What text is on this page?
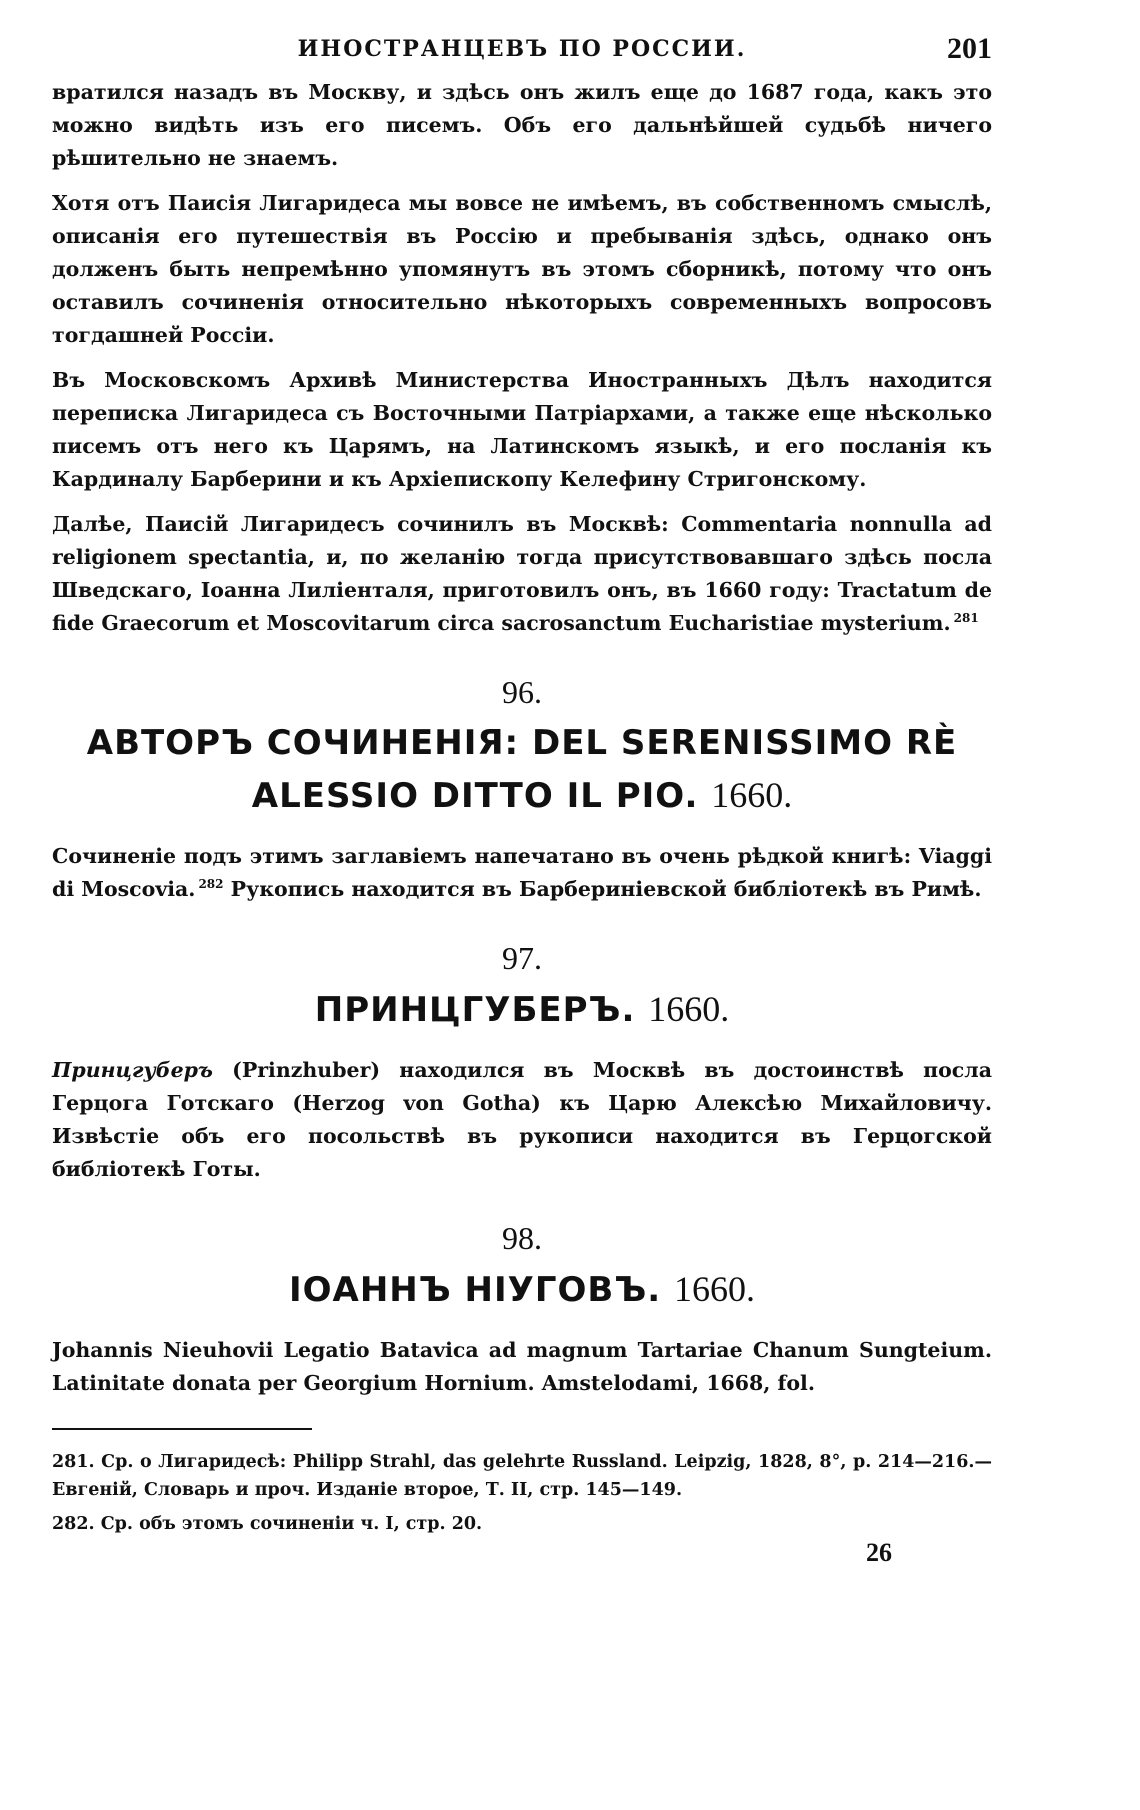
ИНОСТРАНЦЕВЪ ПО РОССИИ.	201

вратился назадъ въ Москву, и здѣсь онъ жилъ еще до 1687 года, какъ это можно видѣть изъ его писемъ. Объ его дальнѣйшей судьбѣ ничего рѣшительно не знаемъ.

Хотя отъ Паисія Лигаридеса мы вовсе не имѣемъ, въ собственномъ смыслѣ, описанія его путешествія въ Россію и пребыванія здѣсь, однако онъ долженъ быть непремѣнно упомянутъ въ этомъ сборникѣ, потому что онъ оставилъ сочиненія относительно нѣкоторыхъ современныхъ вопросовъ тогдашней Россіи.

Въ Московскомъ Архивѣ Министерства Иностранныхъ Дѣлъ находится переписка Лигаридеса съ Восточными Патріархами, а также еще нѣсколько писемъ отъ него къ Царямъ, на Латинскомъ языкѣ, и его посланія къ Кардиналу Барберини и къ Архіепископу Келефину Стригонскому.

Далѣе, Паисій Лигаридесъ сочинилъ въ Москвѣ: Commentaria nonnulla ad religionem spectantia, и, по желанію тогда присутствовавшаго здѣсь посла Шведскаго, Іоанна Лиліенталя, приготовилъ онъ, въ 1660 году: Tractatum de fide Graecorum et Moscovitarum circa sacrosanctum Eucharistiae mysterium. $^{281}$

96.
АВТОРЪ СОЧИНЕНІЯ: DEL SERENISSIMO RÈ ALESSIO DITTO IL PIO. 1660.

Сочиненіе подъ этимъ заглавіемъ напечатано въ очень рѣдкой книгѣ: Viaggi di Moscovia. $^{282}$ Рукопись находится въ Барберинiевской библіотекѣ въ Римѣ.

97.
ПРИНЦГУБЕРЪ. 1660.

Принцгуберъ (Prinzhuber) находился въ Москвѣ въ достоинствѣ посла Герцога Готскаго (Herzog von Gotha) къ Царю Алексѣю Михайловичу. Извѣстіе объ его посольствѣ въ рукописи находится въ Герцогской библіотекѣ Готы.

98.
ІОАННЪ НІУГОВЪ. 1660.

Johannis Nieuhovii Legatio Batavica ad magnum Tartariae Chanum Sungteium. Latinitate donata per Georgium Hornium. Amstelodami, 1668, fol.

281. Ср. о Лигаридесѣ: Philipp Strahl, das gelehrte Russland. Leipzig, 1828, 8°, p. 214—216.—Евгеній, Словарь и проч. Изданіе второе, Т. II, стр. 145—149.

282. Ср. объ этомъ сочиненіи ч. I, стр. 20.

26
